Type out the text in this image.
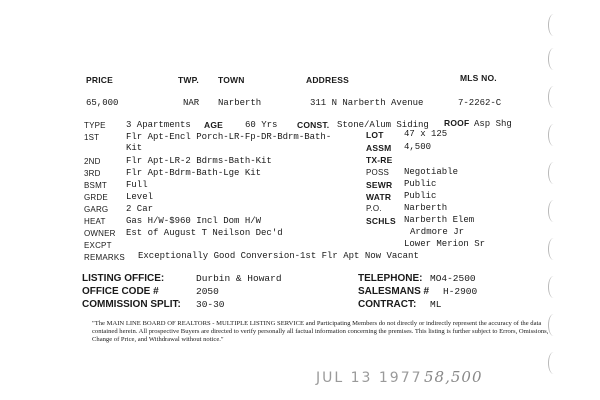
PRICE	TWP. TOWN	ADDRESS	MLS NO.
65,000	NAR Narberth	311 N Narberth Avenue	7-2262-C
TYPE 3 Apartments AGE 60 Yrs CONST. Stone/Alum Siding ROOF Asp Shg
1ST	Flr Apt-Encl Porch-LR-Fp-DR-Bdrm-Bath-
Kit
2ND	Flr Apt-LR-2 Bdrms-Bath-Kit
3RD	Flr Apt-Bdrm-Bath-Lge Kit
BSMT Full
GRDE Level
GARG 2 Car
HEAT Gas H/W-$960 Incl Dom H/W
OWNER Est of August T Neilson Dec'd
EXCPT
LOT 47 x 125
ASSM 4,500
TX-RE
POSS Negotiable
SEWR Public
WATR Public
P.O. Narberth
SCHLS Narberth Elem
Ardmore Jr
Lower Merion Sr
REMARKS Exceptionally Good Conversion-1st Flr Apt Now Vacant
LISTING OFFICE:	Durbin & Howard
OFFICE CODE #	2050
COMMISSION SPLIT: 30-30
TELEPHONE: MO4-2500
SALESMANS # H-2900
CONTRACT: ML
"The MAIN LINE BOARD OF REALTORS - MULTIPLE LISTING SERVICE and Participating Members do not directly or indirectly represent the accuracy of the data contained herein. All prospective Buyers are directed to verify personally all factual information concerning the premises. This listing is further subject to Errors, Omissions, Change of Price, and Withdrawal without notice."
JUL 13 1977 58,500
